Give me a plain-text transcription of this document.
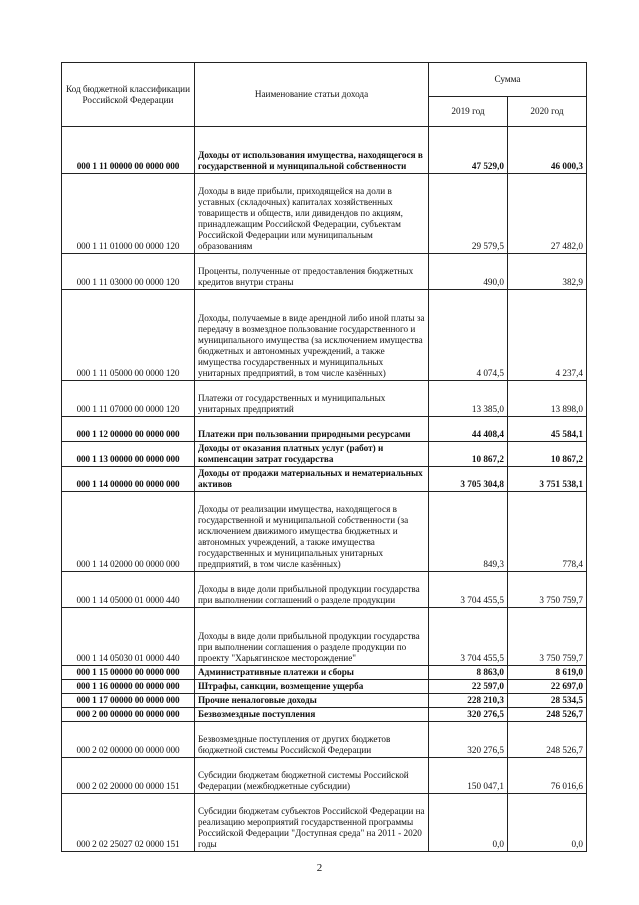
Код бюджетной классификации Российской Федерации	Наименование статьи дохода	Сумма	
		2019 год	2020 год
000 1 11 00000 00 0000 000	Доходы от использования имущества, находящегося в государственной и муниципальной собственности	47 529,0	46 000,3
000 1 11 01000 00 0000 120	Доходы в виде прибыли, приходящейся на доли в уставных (складочных) капиталах хозяйственных товариществ и обществ, или дивидендов по акциям, принадлежащим Российской Федерации, субъектам Российской Федерации или муниципальным образованиям	29 579,5	27 482,0
000 1 11 03000 00 0000 120	Проценты, полученные от предоставления бюджетных кредитов внутри страны	490,0	382,9
000 1 11 05000 00 0000 120	Доходы, получаемые в виде арендной либо иной платы за передачу в возмездное пользование государственного и муниципального имущества (за исключением имущества бюджетных и автономных учреждений, а также имущества государственных и муниципальных унитарных предприятий, в том числе казённых)	4 074,5	4 237,4
000 1 11 07000 00 0000 120	Платежи от государственных и муниципальных унитарных предприятий	13 385,0	13 898,0
000 1 12 00000 00 0000 000	Платежи при пользовании природными ресурсами	44 408,4	45 584,1
000 1 13 00000 00 0000 000	Доходы от оказания платных услуг (работ) и компенсации затрат государства	10 867,2	10 867,2
000 1 14 00000 00 0000 000	Доходы от продажи материальных и нематериальных активов	3 705 304,8	3 751 538,1
000 1 14 02000 00 0000 000	Доходы от реализации имущества, находящегося в государственной и муниципальной собственности (за исключением движимого имущества бюджетных и автономных учреждений, а также имущества государственных и муниципальных унитарных предприятий, в том числе казённых)	849,3	778,4
000 1 14 05000 01 0000 440	Доходы в виде доли прибыльной продукции государства при выполнении соглашений о разделе продукции	3 704 455,5	3 750 759,7
000 1 14 05030 01 0000 440	Доходы в виде доли прибыльной продукции государства при выполнении соглашения о разделе продукции по проекту "Харьягинское месторождение"	3 704 455,5	3 750 759,7
000 1 15 00000 00 0000 000	Административные платежи и сборы	8 863,0	8 619,0
000 1 16 00000 00 0000 000	Штрафы, санкции, возмещение ущерба	22 597,0	22 697,0
000 1 17 00000 00 0000 000	Прочие неналоговые доходы	228 210,3	28 534,5
000 2 00 00000 00 0000 000	Безвозмездные поступления	320 276,5	248 526,7
000 2 02 00000 00 0000 000	Безвозмездные поступления от других бюджетов бюджетной системы Российской Федерации	320 276,5	248 526,7
000 2 02 20000 00 0000 151	Субсидии бюджетам бюджетной системы Российской Федерации (межбюджетные субсидии)	150 047,1	76 016,6
000 2 02 25027 02 0000 151	Субсидии бюджетам субъектов Российской Федерации на реализацию мероприятий государственной программы Российской Федерации "Доступная среда" на 2011 - 2020 годы	0,0	0,0
2
